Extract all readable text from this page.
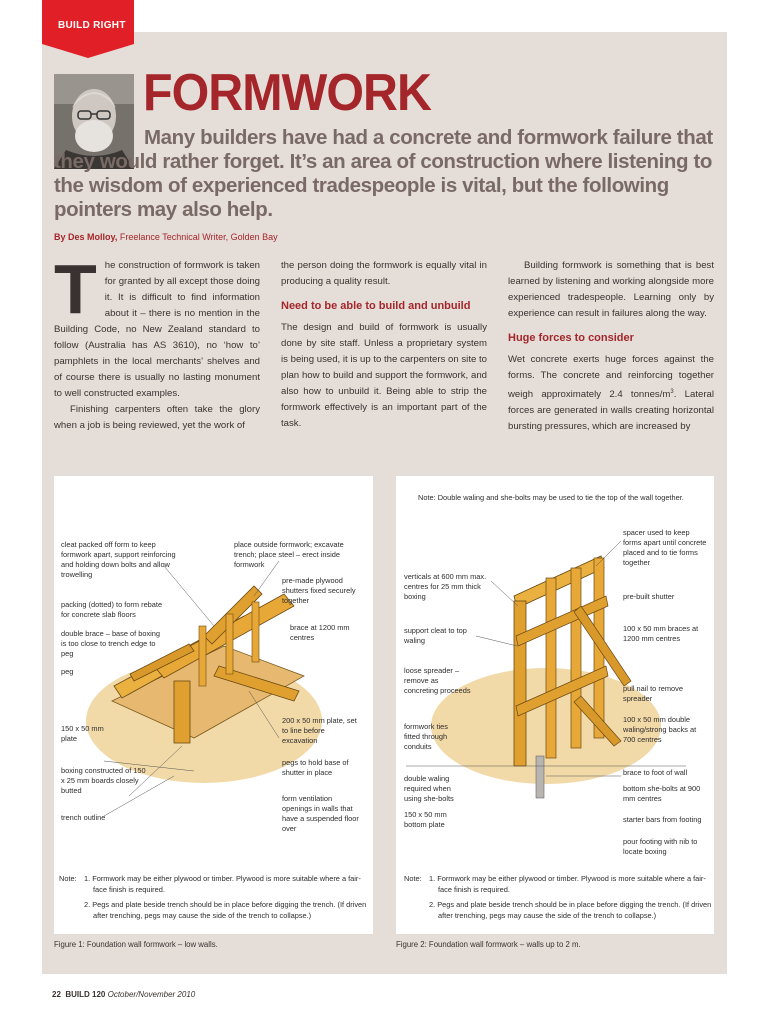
BUILD RIGHT
FORMWORK
Many builders have had a concrete and formwork failure that they would rather forget. It’s an area of construction where listening to the wisdom of experienced tradespeople is vital, but the following pointers may also help.
By Des Molloy, Freelance Technical Writer, Golden Bay
T he construction of formwork is taken for granted by all except those doing it. It is difficult to find information about it – there is no mention in the Building Code, no New Zealand standard to follow (Australia has AS 3610), no ‘how to’ pamphlets in the local merchants’ shelves and of course there is usually no lasting monument to well constructed examples.

Finishing carpenters often take the glory when a job is being reviewed, yet the work of

the person doing the formwork is equally vital in producing a quality result.

Need to be able to build and unbuild

The design and build of formwork is usually done by site staff. Unless a proprietary system is being used, it is up to the carpenters on site to plan how to build and support the formwork, and also how to unbuild it. Being able to strip the formwork effectively is an important part of the task.

Building formwork is something that is best learned by listening and working alongside more experienced tradespeople. Learning only by experience can result in failures along the way.

Huge forces to consider

Wet concrete exerts huge forces against the forms. The concrete and reinforcing together weigh approximately 2.4 tonnes/$m^3$. Lateral forces are generated in walls creating horizontal bursting pressures, which are increased by

cleat packed off form to keep formwork apart, support reinforcing and holding down bolts and allow trowelling
place outside formwork; excavate trench; place steel – erect inside formwork
pre-made plywood shutters fixed securely together
packing (dotted) to form rebate for concrete slab floors
brace at 1200 mm centres
double brace – base of boxing is too close to trench edge to peg
peg
150 x 50 mm plate
200 x 50 mm plate, set to line before excavation
pegs to hold base of shutter in place
boxing constructed of 150 x 25 mm boards closely butted
form ventilation openings in walls that have a suspended floor over
trench outline
Note: 1. Formwork may be either plywood or timber. Plywood is more suitable where a fair-face finish is required.
2. Pegs and plate beside trench should be in place before digging the trench. (If driven after trenching, pegs may cause the side of the trench to collapse.)
Figure 1: Foundation wall formwork – low walls.
Note: Double waling and she-bolts may be used to tie the top of the wall together.
spacer used to keep forms apart until concrete placed and to tie forms together
verticals at 600 mm max. centres for 25 mm thick boxing	pre-built shutter
support cleat to top waling
100 x 50 mm braces at 1200 mm centres
loose spreader – remove as concreting proceeds	pull nail to remove spreader
100 x 50 mm double waling/strong backs at 700 centres
formwork ties fitted through conduits
brace to foot of wall
double waling required when using she-bolts
bottom she-bolts at 900 mm centres
150 x 50 mm bottom plate
starter bars from footing
pour footing with nib to locate boxing
Note: 1. Formwork may be either plywood or timber. Plywood is more suitable where a fair-face finish is required.
2. Pegs and plate beside trench should be in place before digging the trench. (If driven after trenching, pegs may cause the side of the trench to collapse.)
Figure 2: Foundation wall formwork – walls up to 2 m.
22 BUILD 120 October/November 2010
